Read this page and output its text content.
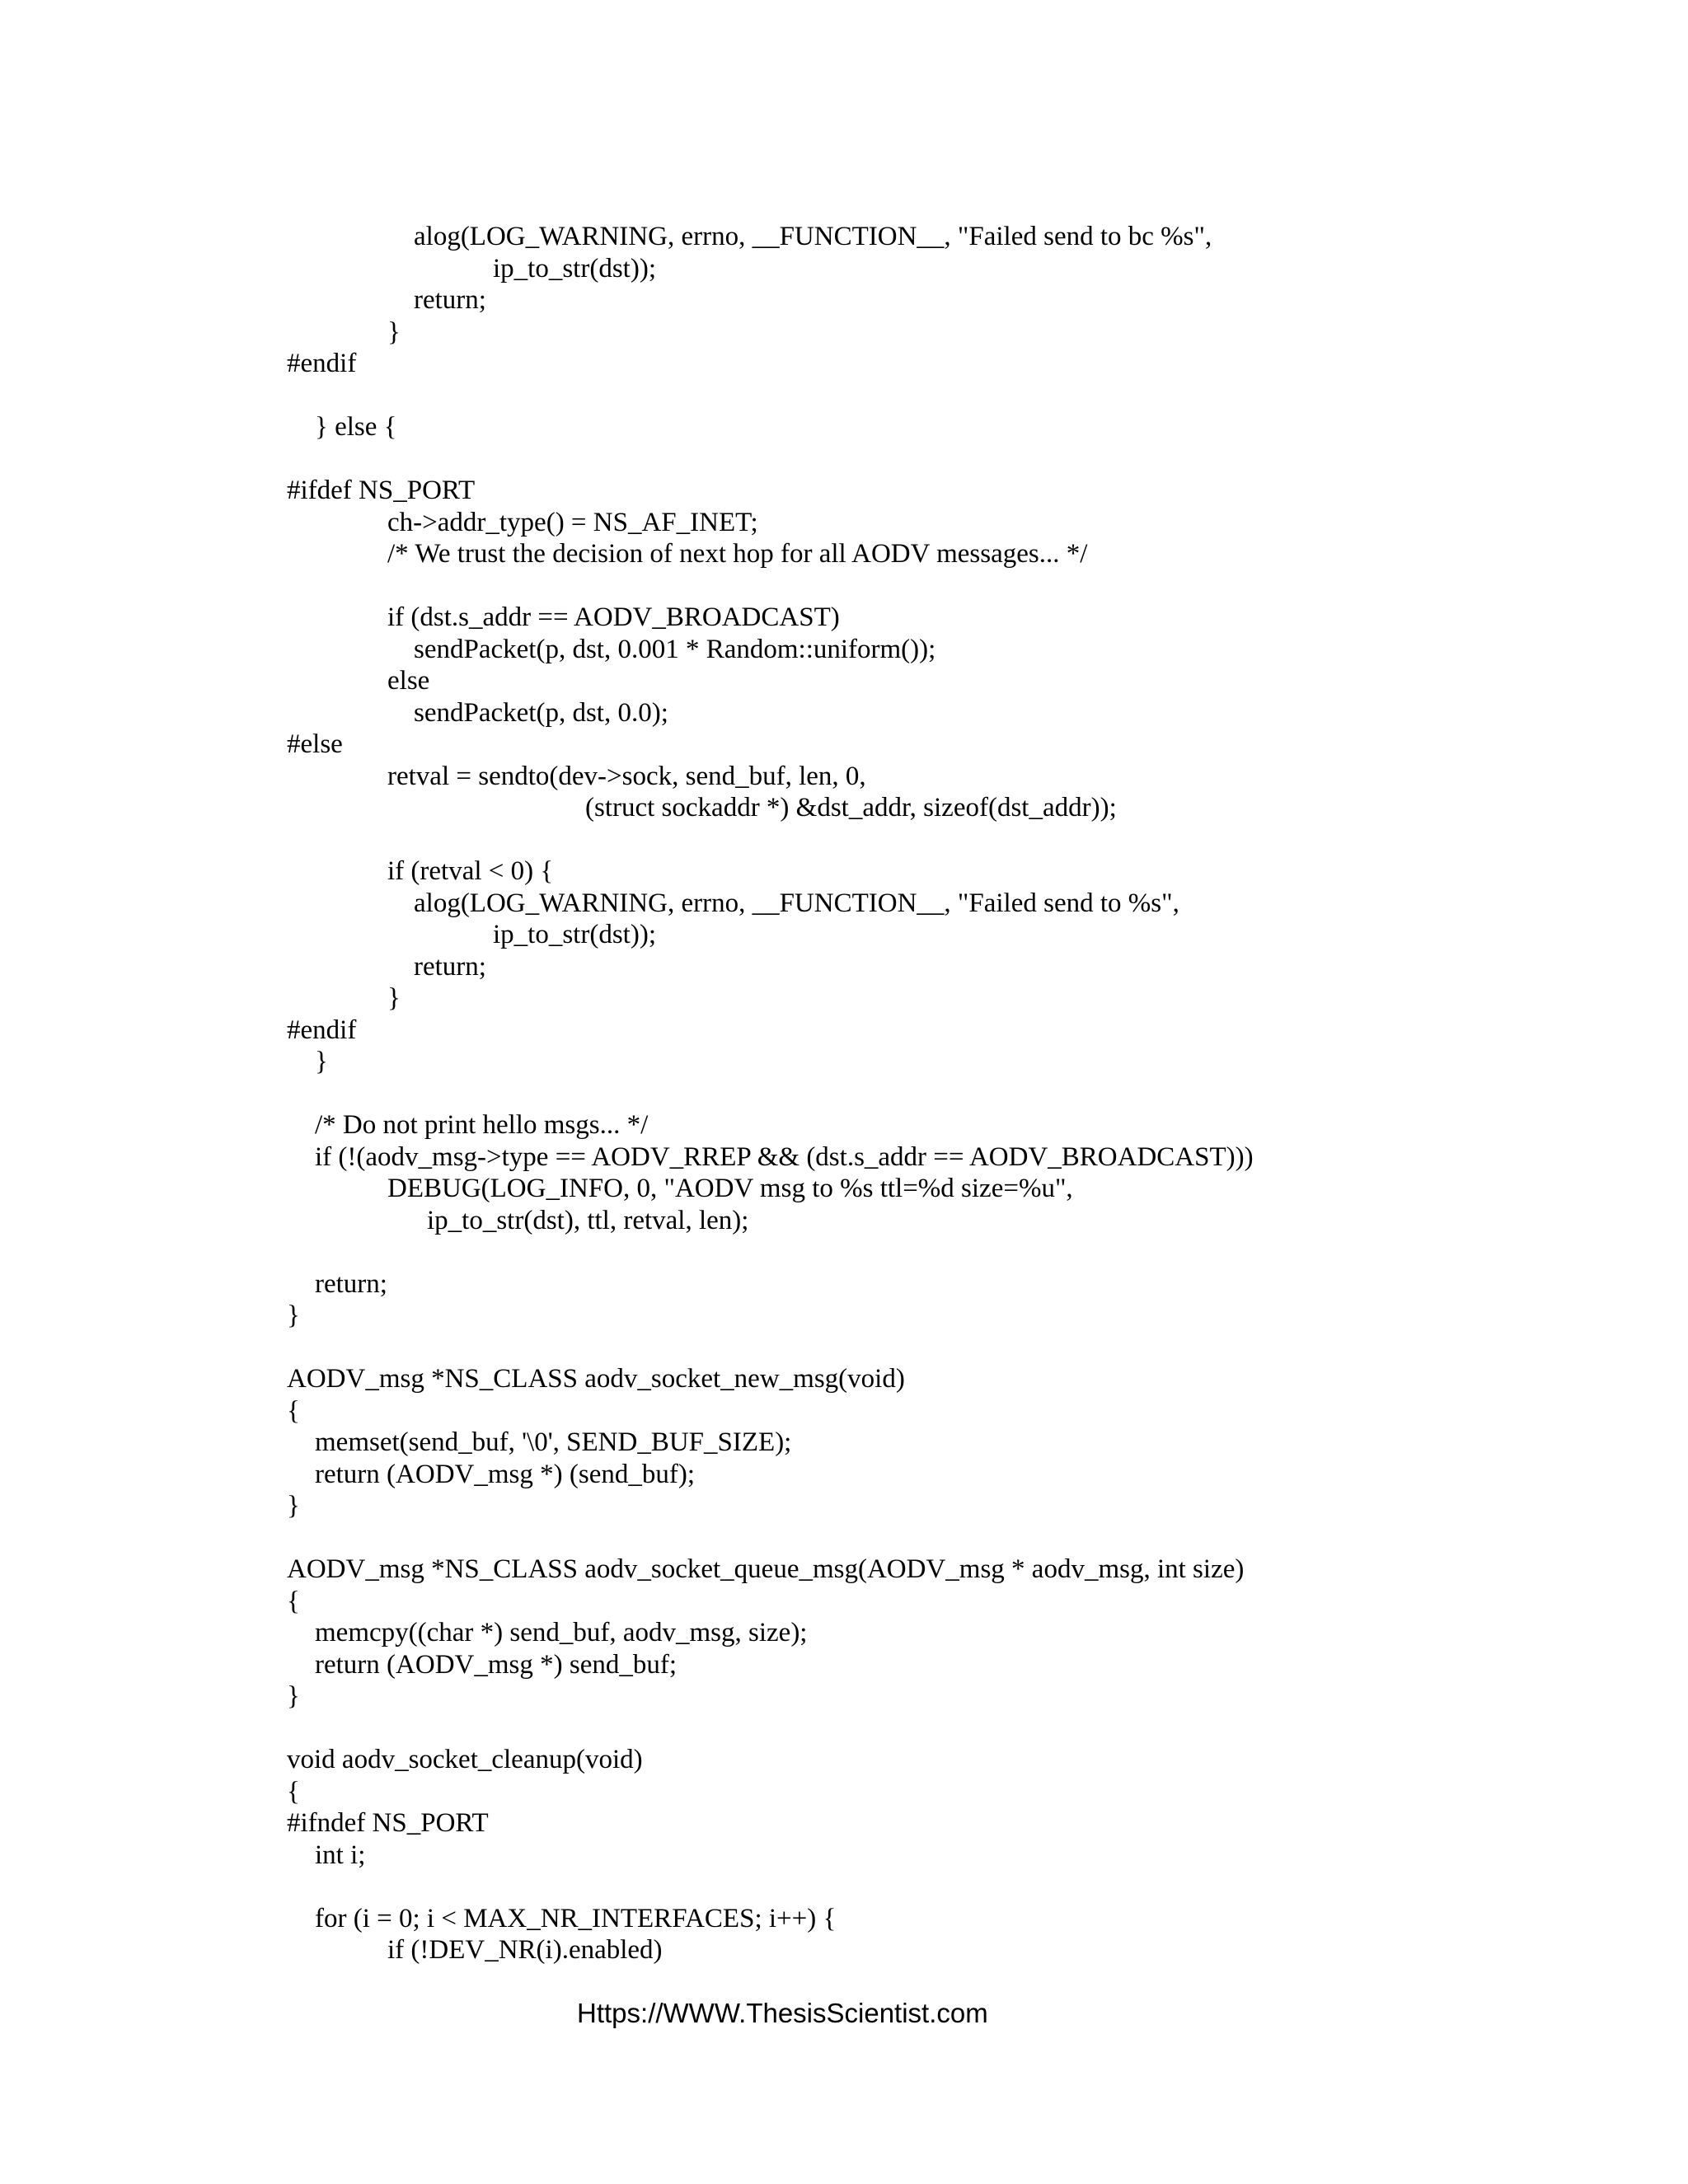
alog(LOG_WARNING, errno, __FUNCTION__, "Failed send to bc %s",
ip_to_str(dst));
return;
}
#endif
} else {
#ifdef NS_PORT
ch->addr_type() = NS_AF_INET;
/* We trust the decision of next hop for all AODV messages... */
if (dst.s_addr == AODV_BROADCAST)
sendPacket(p, dst, 0.001 * Random::uniform());
else
sendPacket(p, dst, 0.0);
#else
retval = sendto(dev->sock, send_buf, len, 0,
(struct sockaddr *) &dst_addr, sizeof(dst_addr));
if (retval < 0) {
alog(LOG_WARNING, errno, __FUNCTION__, "Failed send to %s",
ip_to_str(dst));
return;
}
#endif
}
/* Do not print hello msgs... */
if (!(aodv_msg->type == AODV_RREP && (dst.s_addr == AODV_BROADCAST)))
DEBUG(LOG_INFO, 0, "AODV msg to %s ttl=%d size=%u",
ip_to_str(dst), ttl, retval, len);
return;
}
AODV_msg *NS_CLASS aodv_socket_new_msg(void)
{
memset(send_buf, '\0', SEND_BUF_SIZE);
return (AODV_msg *) (send_buf);
}
AODV_msg *NS_CLASS aodv_socket_queue_msg(AODV_msg * aodv_msg, int size)
{
memcpy((char *) send_buf, aodv_msg, size);
return (AODV_msg *) send_buf;
}
void aodv_socket_cleanup(void)
{
#ifndef NS_PORT
int i;
for (i = 0; i < MAX_NR_INTERFACES; i++) {
if (!DEV_NR(i).enabled)
Https://WWW.ThesisScientist.com
